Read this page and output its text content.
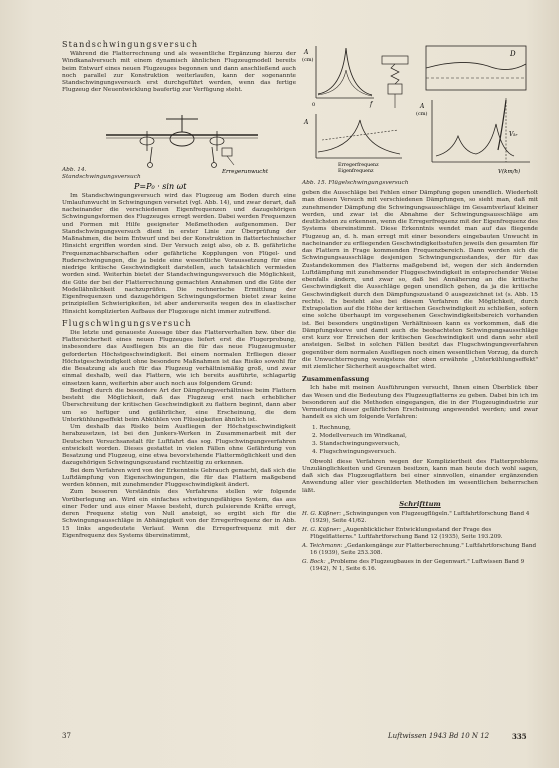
Standschwingungsversuch

Während die Flatterrechnung und als wesentliche Ergänzung hierzu der Windkanalversuch mit einem dynamisch ähnlichen Flugzeugmodell bereits beim Entwurf eines neuen Flugzeuges begonnen und dann anschließend auch noch parallel zur Konstruktion weiterlaufen, kann der sogenannte Standschwingungsversuch erst durchgeführt werden, wenn das fertige Flugzeug der Neuentwicklung baufertig zur Verfügung steht.

Erregerunwucht
P=P₀ · sin ωt
Abb. 14. Standschwingungsversuch

Im Standschwingungsversuch wird das Flugzeug am Boden durch eine Umlaufunwucht in Schwingungen versetzt (vgl. Abb. 14), und zwar derart, daß nacheinander die verschiedenen Eigenfrequenzen und dazugehörigen Schwingungsformen des Flugzeuges erregt werden. Dabei werden Frequenzen und Formen mit Hilfe geeigneter Meßmethoden aufgenommen. Der Standschwingungsversuch dient in erster Linie zur Überprüfung der Maßnahmen, die beim Entwurf und bei der Konstruktion in flattertechnischer Hinsicht ergriffen worden sind. Der Versuch zeigt also, ob z. B. gefährliche Frequenznachbarschaften oder gefährliche Kopplungen von Flügel- und Ruderschwingungen, die ja beide eine wesentliche Voraussetzung für eine niedrige kritische Geschwindigkeit darstellen, auch tatsächlich vermieden worden sind. Weiterhin bietet der Standschwingungsversuch die Möglichkeit, die Güte der bei der Flatterrechnung gemachten Annahmen und die Güte der Modellähnlichkeit nachzuprüfen. Die rechnerische Ermittlung der Eigenfrequenzen und dazugehörigen Schwingungsformen bietet zwar keine prinzipiellen Schwierigkeiten, ist aber andererseits wegen des in elastischer Hinsicht komplizierten Aufbaus der Flugzeuge nicht immer zutreffend.

Flugschwingungsversuch

Die letzte und genaueste Aussage über das Flatterverhalten bzw. über die Flattersicherheit eines neuen Flugzeuges liefert erst die Flugerprobung, insbesondere das Ausfliegen bis an die für das neue Flugzeugmuster geforderten Höchstgeschwindigkeit. Bei einem normalen Erfliegen dieser Höchstgeschwindigkeit ohne besondere Maßnahmen ist das Risiko sowohl für die Besatzung als auch für das Flugzeug verhältnismäßig groß, und zwar einmal deshalb, weil das Flattern, wie ich bereits ausführte, schlagartig einsetzen kann, weiterhin aber auch noch aus folgendem Grund:

Bedingt durch die besondere Art der Dämpfungsverhältnisse beim Flattern besteht die Möglichkeit, daß das Flugzeug erst nach erheblicher Überschreitung der kritischen Geschwindigkeit zu flattern beginnt, dann aber um so heftiger und gefährlicher, eine Erscheinung, die dem Unterkühlungseffekt beim Abkühlen von Flüssigkeiten ähnlich ist.

Um deshalb das Risiko beim Ausfliegen der Höchstgeschwindigkeit herabzusetzen, ist bei den Junkers-Werken in Zusammenarbeit mit der Deutschen Versuchsanstalt für Luftfahrt das sog. Flugschwingungsverfahren entwickelt worden. Dieses gestattet in vielen Fällen ohne Gefährdung von Besatzung und Flugzeug, eine etwa bevorstehende Flattermöglichkeit und den dazugehörigen Schwingungszustand rechtzeitig zu erkennen.

Bei dem Verfahren wird von der Erkenntnis Gebrauch gemacht, daß sich die Luftdämpfung von Eigenschwingungen, die für das Flattern maßgebend werden können, mit zunehmender Fluggeschwindigkeit ändert.

Zum besseren Verständnis des Verfahrens stellen wir folgende Vorüberlegung an. Wird ein einfaches schwingungsfähiges System, das aus einer Feder und aus einer Masse besteht, durch pulsierende Kräfte erregt, deren Frequenz stetig von Null ansteigt, so ergibt sich für die Schwingungsausschläge in Abhängigkeit von der Erregerfrequenz der in Abb. 15 links angedeutete Verlauf. Wenn die Erregerfrequenz mit der Eigenfrequenz des Systems übereinstimmt,

A
(cm)
f
0
A
Erregerfrequenz
Eigenfrequenz
D
A
(cm)
Vₖᵣ
V(km/h)
Abb. 15. Flügelschwingungsversuch

geben die Ausschläge bei Fehlen einer Dämpfung gegen unendlich. Wiederholt man diesen Versuch mit verschiedenen Dämpfungen, so sieht man, daß mit zunehmender Dämpfung die Schwingungsausschläge im Gesamtverlauf kleiner werden, und zwar ist die Abnahme der Schwingungsausschläge am deutlichsten zu erkennen, wenn die Erregerfrequenz mit der Eigenfrequenz des Systems übereinstimmt. Diese Erkenntnis wendet man auf das fliegende Flugzeug an, d. h. man erregt mit einer besonders eingebauten Unwucht in nacheinander zu erfliegenden Geschwindigkeitsstufen jeweils den gesamten für das Flattern in Frage kommenden Frequenzbereich. Dann werden sich die Schwingungsausschläge desjenigen Schwingungszustandes, der für das Zustandekommen des Flatterns maßgebend ist, wegen der sich ändernden Luftdämpfung mit zunehmender Fluggeschwindigkeit in entsprechender Weise ebenfalls ändern, und zwar so, daß bei Annäherung an die kritische Geschwindigkeit die Ausschläge gegen unendlich gehen, da ja die kritische Geschwindigkeit durch den Dämpfungszustand 0 ausgezeichnet ist (s. Abb. 15 rechts). Es besteht also bei diesem Verfahren die Möglichkeit, durch Extrapolation auf die Höhe der kritischen Geschwindigkeit zu schließen, sofern eine solche überhaupt im vorgesehenen Geschwindigkeitsbereich vorhanden ist. Bei besonders ungünstigen Verhältnissen kann es vorkommen, daß die Dämpfungskurve und damit auch die beobachteten Schwingungsausschläge erst kurz vor Erreichen der kritischen Geschwindigkeit und dann sehr steil ansteigen. Selbst in solchen Fällen besitzt das Flugschwingungsverfahren gegenüber dem normalen Ausfliegen noch einen wesentlichen Vorzug, da durch die Unwuchterregung wenigstens der oben erwähnte „Unterkühlungseffekt" mit ziemlicher Sicherheit ausgeschaltet wird.

Zusammenfassung

Ich habe mit meinen Ausführungen versucht, Ihnen einen Überblick über das Wesen und die Bedeutung des Flugzeugflatterns zu geben. Dabei bin ich im besonderen auf die Methoden eingegangen, die in der Flugzeugindustrie zur Vermeidung dieser gefährlichen Erscheinung angewendet werden; und zwar handelt es sich um folgende Verfahren:

1. Rechnung,
2. Modellversuch im Windkanal,
3. Standschwingungsversuch,
4. Flugschwingungsversuch.

Obwohl diese Verfahren wegen der Kompliziertheit des Flatterproblems Unzulänglichkeiten und Grenzen besitzen, kann man heute doch wohl sagen, daß sich das Flugzeugflattern bei einer sinnvollen, einander ergänzenden Anwendung aller vier geschilderten Methoden im wesentlichen beherrschen läßt.

Schrifttum

H. G. Küßner: „Schwingungen von Flugzeugflügeln." Luftfahrtforschung Band 4 (1929), Seite 41/62.

H. G. Küßner: „Augenblicklicher Entwicklungsstand der Frage des Flügelflatterns." Luftfahrtforschung Band 12 (1935), Seite 193.209.

A. Teichmann: „Gedankengänge zur Flatterberechnung." Luftfahrtforschung Band 16 (1939), Seite 253.308.

G. Bock: „Probleme des Flugzeugbaues in der Gegenwart." Luftwissen Band 9 (1942), N 1, Seite 6.16.

37	Luftwissen 1943 Bd 10 N 12	335
